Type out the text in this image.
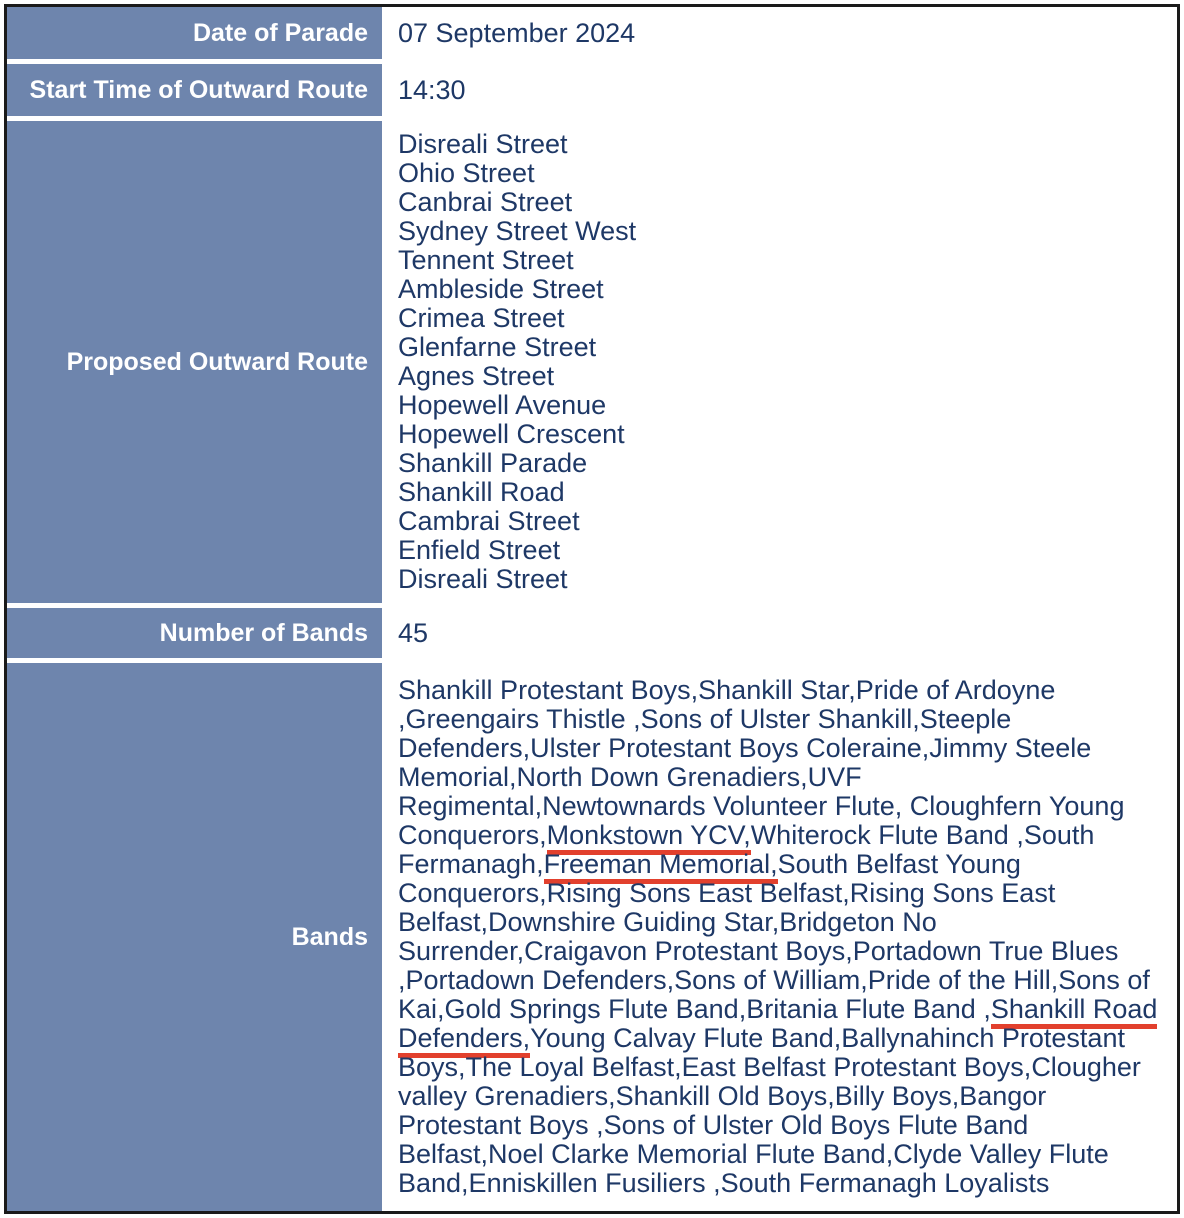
Date of Parade 07 September 2024
Start Time of Outward Route 14:30
Proposed Outward Route
Disreali Street
Ohio Street
Canbrai Street
Sydney Street West
Tennent Street
Ambleside Street
Crimea Street
Glenfarne Street
Agnes Street
Hopewell Avenue
Hopewell Crescent
Shankill Parade
Shankill Road
Cambrai Street
Enfield Street
Disreali Street
Number of Bands 45
Bands
Shankill Protestant Boys,Shankill Star,Pride of Ardoyne ,Greengairs Thistle ,Sons of Ulster Shankill,Steeple Defenders,Ulster Protestant Boys Coleraine,Jimmy Steele Memorial,North Down Grenadiers,UVF Regimental,Newtownards Volunteer Flute, Cloughfern Young Conquerors,Monkstown YCV,Whiterock Flute Band ,South Fermanagh,Freeman Memorial,South Belfast Young Conquerors,Rising Sons East Belfast,Rising Sons East Belfast,Downshire Guiding Star,Bridgeton No Surrender,Craigavon Protestant Boys,Portadown True Blues ,Portadown Defenders,Sons of William,Pride of the Hill,Sons of Kai,Gold Springs Flute Band,Britania Flute Band ,Shankill Road Defenders,Young Calvay Flute Band,Ballynahinch Protestant Boys,The Loyal Belfast,East Belfast Protestant Boys,Clougher valley Grenadiers,Shankill Old Boys,Billy Boys,Bangor Protestant Boys ,Sons of Ulster Old Boys Flute Band Belfast,Noel Clarke Memorial Flute Band,Clyde Valley Flute Band,Enniskillen Fusiliers ,South Fermanagh Loyalists
